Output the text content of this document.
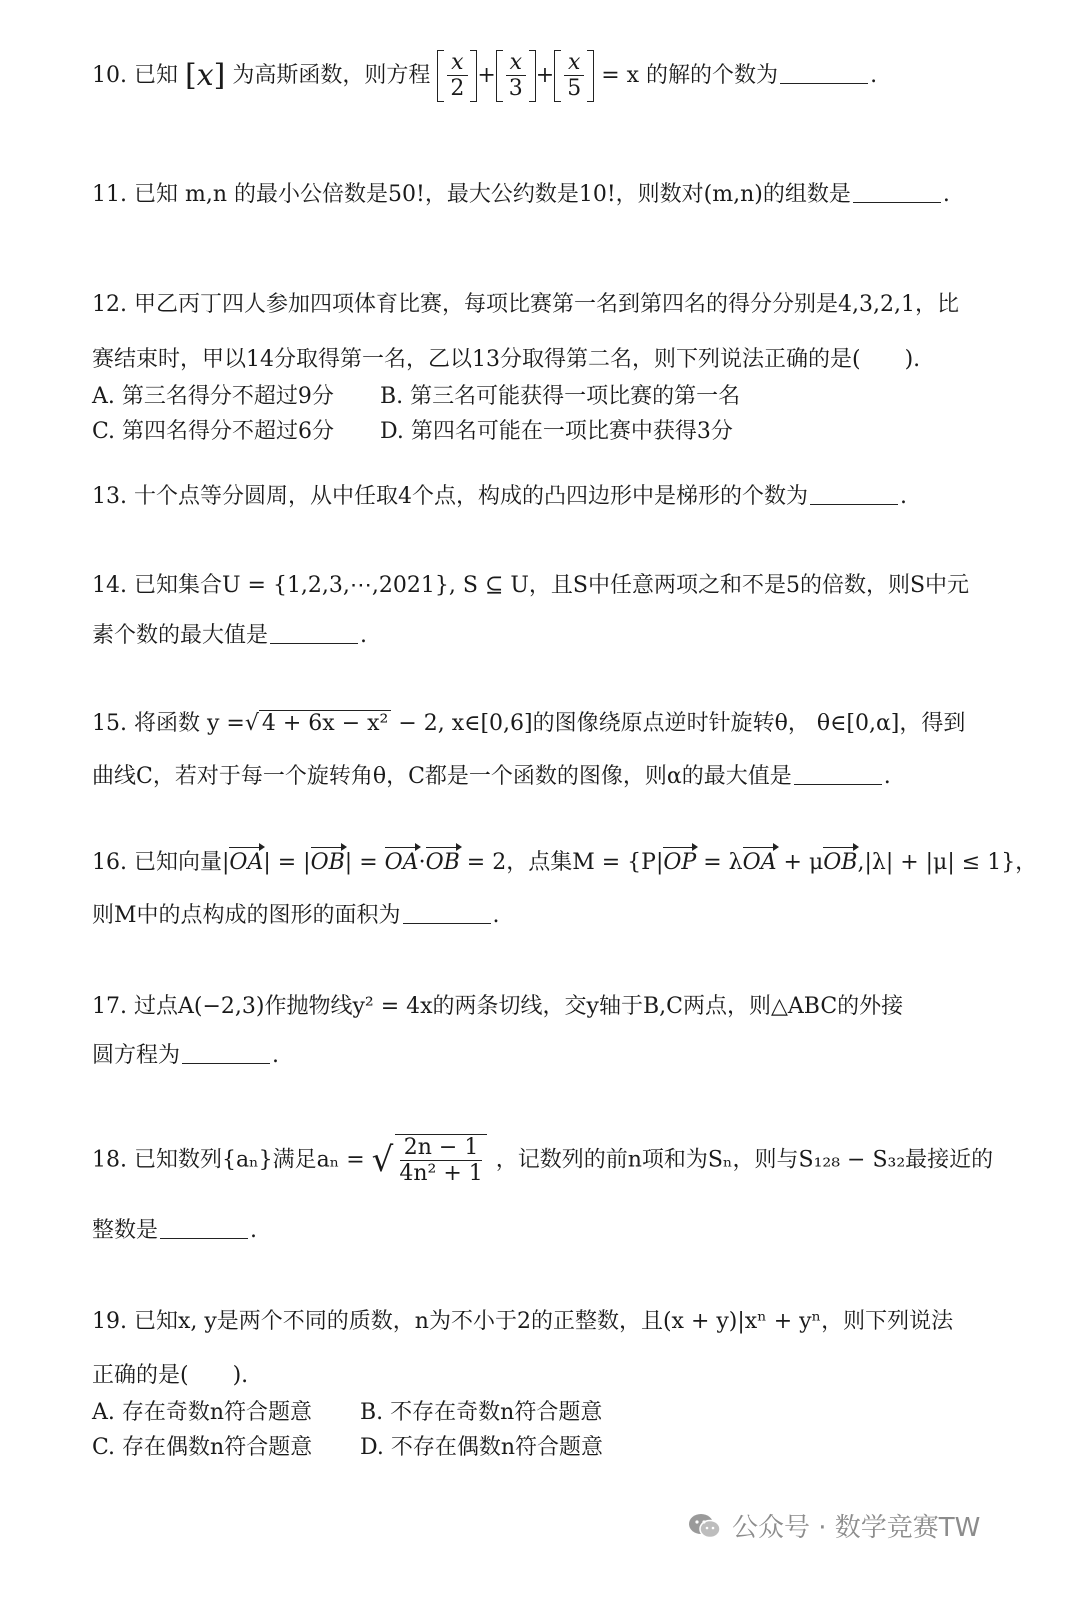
10. 已知 [x] 为高斯函数，则方程 $\frac{x}{2} + \frac{x}{3} + \frac{x}{5} = x$ 的解的个数为	.
11. 已知 m,n 的最小公倍数是50!，最大公约数是10!，则数对(m,n)的组数是	.
12. 甲乙丙丁四人参加四项体育比赛，每项比赛第一名到第四名的得分分别是4,3,2,1，比
赛结束时，甲以14分取得第一名，乙以13分取得第二名，则下列说法正确的是(　　).
A. 第三名得分不超过9分 B. 第三名可能获得一项比赛的第一名
C. 第四名得分不超过6分 D. 第四名可能在一项比赛中获得3分
13. 十个点等分圆周，从中任取4个点，构成的凸四边形中是梯形的个数为	.
14. 已知集合U = {1,2,3,⋯,2021}, S ⊆ U，且S中任意两项之和不是5的倍数，则S中元
素个数的最大值是	.
15. 将函数 y =√ 4 + 6x − x² − 2, x∈[0,6]的图像绕原点逆时针旋转θ， θ∈[0,α]，得到
曲线C，若对于每一个旋转角θ，C都是一个函数的图像，则α的最大值是	.
16. 已知向量|OA| = |OB| = OA·OB = 2，点集M = {P|OP = λOA + μOB,|λ| + |μ| ≤ 1}，
则M中的点构成的图形的面积为	.
17. 过点A(−2,3)作抛物线y² = 4x的两条切线，交y轴于B,C两点，则△ABC的外接
圆方程为	.
18. 已知数列{aₙ}满足aₙ = √ $\frac{2n - 1}{\text{4n² + 1}}$ ，记数列的前n项和为Sₙ，则与S₁₂₈ − S₃₂最接近的
整数是	.
19. 已知x, y是两个不同的质数，n为不小于2的正整数，且(x + y)|xⁿ + yⁿ，则下列说法
正确的是(　　).
A. 存在奇数n符合题意 B. 不存在奇数n符合题意
C. 存在偶数n符合题意 D. 不存在偶数n符合题意
公众号 · 数学竞赛TW
